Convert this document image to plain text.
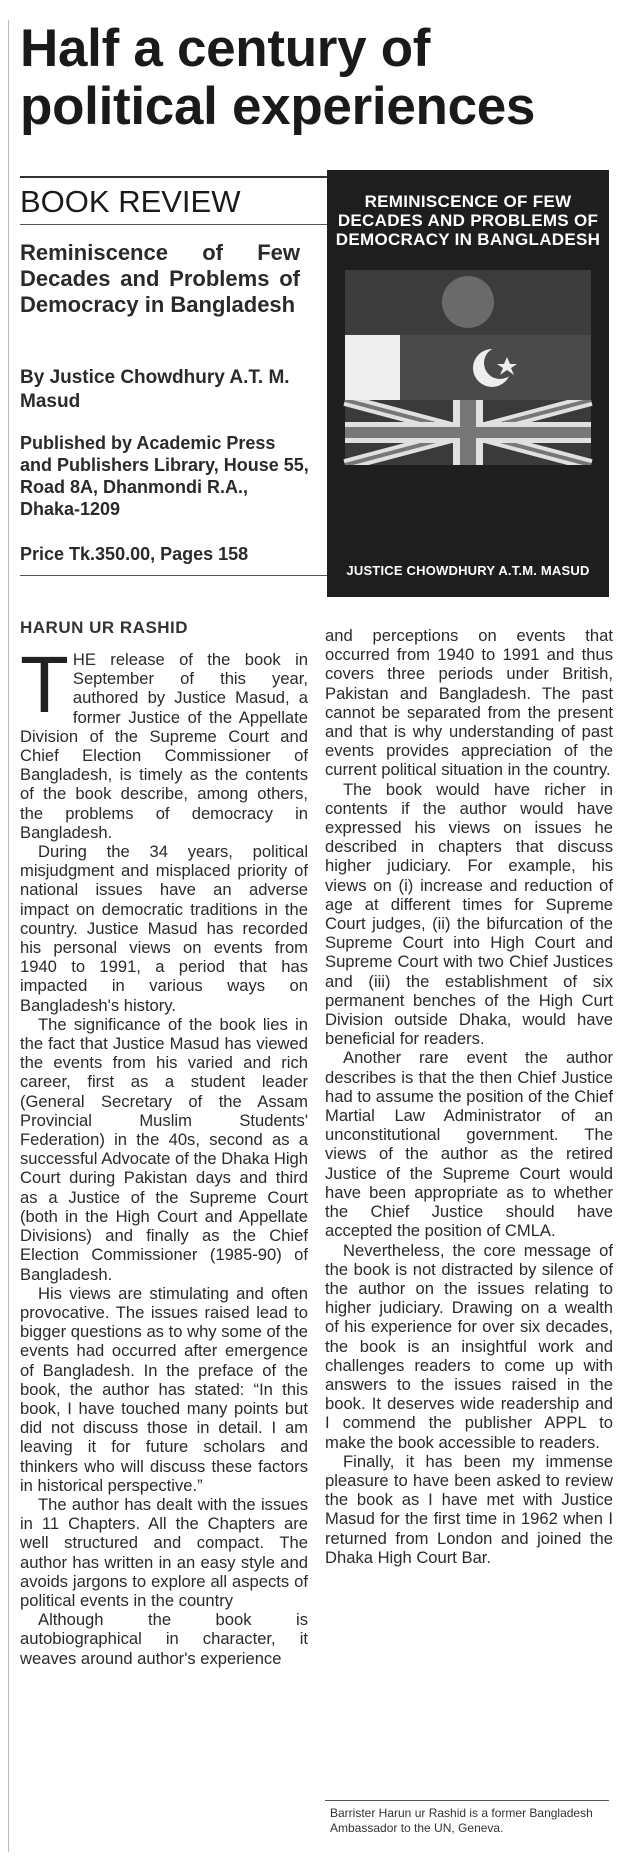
Half a century of political experiences
BOOK REVIEW

Reminiscence of Few Decades and Problems of Democracy in Bangladesh

By Justice Chowdhury A.T. M. Masud

Published by Academic Press and Publishers Library, House 55, Road 8A, Dhanmondi R.A., Dhaka-1209

Price Tk.350.00, Pages 158

REMINISCENCE OF FEW DECADES AND PROBLEMS OF DEMOCRACY IN BANGLADESH
JUSTICE CHOWDHURY A.T.M. MASUD
HARUN UR RASHID

THE release of the book in September of this year, authored by Justice Masud, a former Justice of the Appellate Division of the Supreme Court and Chief Election Commissioner of Bangladesh, is timely as the contents of the book describe, among others, the problems of democracy in Bangladesh.

During the 34 years, political misjudgment and misplaced priority of national issues have an adverse impact on democratic traditions in the country. Justice Masud has recorded his personal views on events from 1940 to 1991, a period that has impacted in various ways on Bangladesh's history.

The significance of the book lies in the fact that Justice Masud has viewed the events from his varied and rich career, first as a student leader (General Secretary of the Assam Provincial Muslim Students' Federation) in the 40s, second as a successful Advocate of the Dhaka High Court during Pakistan days and third as a Justice of the Supreme Court (both in the High Court and Appellate Divisions) and finally as the Chief Election Commissioner (1985-90) of Bangladesh.

His views are stimulating and often provocative. The issues raised lead to bigger questions as to why some of the events had occurred after emergence of Bangladesh. In the preface of the book, the author has stated: “In this book, I have touched many points but did not discuss those in detail. I am leaving it for future scholars and thinkers who will discuss these factors in historical perspective.”

The author has dealt with the issues in 11 Chapters. All the Chapters are well structured and compact. The author has written in an easy style and avoids jargons to explore all aspects of political events in the country

Although the book is autobiographical in character, it weaves around author's experience

and perceptions on events that occurred from 1940 to 1991 and thus covers three periods under British, Pakistan and Bangladesh. The past cannot be separated from the present and that is why understanding of past events provides appreciation of the current political situation in the country.

The book would have richer in contents if the author would have expressed his views on issues he described in chapters that discuss higher judiciary. For example, his views on (i) increase and reduction of age at different times for Supreme Court judges, (ii) the bifurcation of the Supreme Court into High Court and Supreme Court with two Chief Justices and (iii) the establishment of six permanent benches of the High Curt Division outside Dhaka, would have beneficial for readers.

Another rare event the author describes is that the then Chief Justice had to assume the position of the Chief Martial Law Administrator of an unconstitutional government. The views of the author as the retired Justice of the Supreme Court would have been appropriate as to whether the Chief Justice should have accepted the position of CMLA.

Nevertheless, the core message of the book is not distracted by silence of the author on the issues relating to higher judiciary. Drawing on a wealth of his experience for over six decades, the book is an insightful work and challenges readers to come up with answers to the issues raised in the book. It deserves wide readership and I commend the publisher APPL to make the book accessible to readers.

Finally, it has been my immense pleasure to have been asked to review the book as I have met with Justice Masud for the first time in 1962 when I returned from London and joined the Dhaka High Court Bar.

Barrister Harun ur Rashid is a former Bangladesh Ambassador to the UN, Geneva.
